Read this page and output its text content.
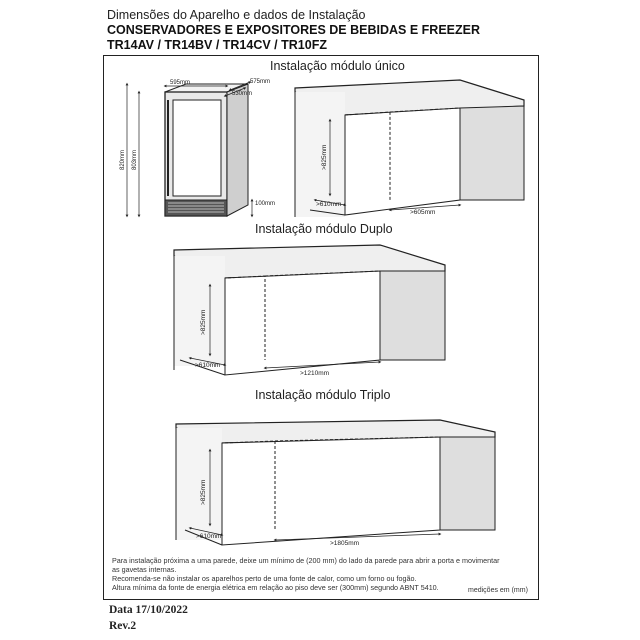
Dimensões do Aparelho e dados de Instalação
CONSERVADORES E EXPOSITORES DE BEBIDAS E FREEZER
TR14AV / TR14BV / TR14CV / TR10FZ
595mm	575mm
530mm
820mm 803mm
100mm
Instalação módulo único
>825mm
>610mm
>605mm
Instalação módulo Duplo
>825mm
>610mm
>1210mm
Instalação módulo Triplo
>825mm
>610mm
>1805mm
Para instalação próxima a uma parede, deixe um mínimo de (200 mm) do lado da parede para abrir a porta e movimentar
as gavetas internas.
Recomenda-se não instalar os aparelhos perto de uma fonte de calor, como um forno ou fogão.
Altura mínima da fonte de energia elétrica em relação ao piso deve ser (300mm) segundo ABNT 5410.	medições em (mm)
Data 17/10/2022
Rev.2
